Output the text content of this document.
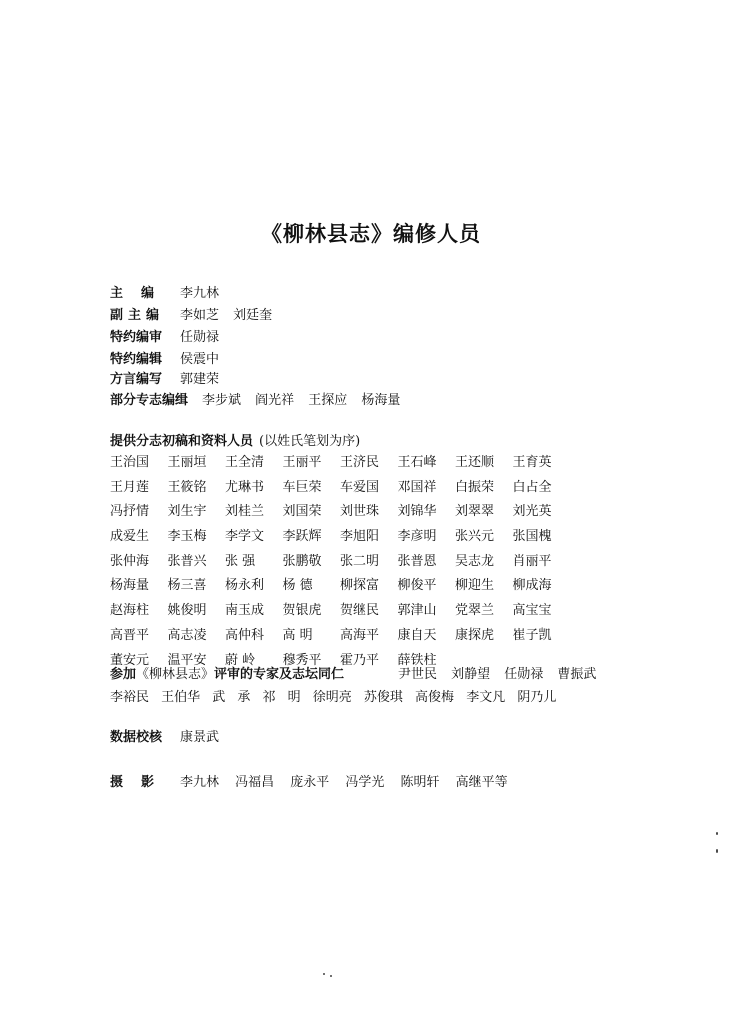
《柳林县志》编修人员
主编 李九林
副主编 李如芝 刘廷奎
特约编审 任勋禄
特约编辑 侯震中
方言编写 郭建荣
部分专志编缉 李步斌 阎光祥 王探应 杨海量
提供分志初稿和资料人员 (以姓氏笔划为序)
王治国	王丽垣	王全清	王丽平	王济民	王石峰	王还顺	王育英
王月莲	王筱铭	尤琳书	车巨荣	车爱国	邓国祥	白振荣	白占全
冯抒情	刘生宇	刘桂兰	刘国荣	刘世珠	刘锦华	刘翠翠	刘光英
成爱生	李玉梅	李学文	李跃辉	李旭阳	李彦明	张兴元	张国槐
张仲海	张普兴	张 强	张鹏敬	张二明	张普恩	吴志龙	肖丽平
杨海量	杨三喜	杨永利	杨 德	柳探富	柳俊平	柳迎生	柳成海
赵海柱	姚俊明	南玉成	贺银虎	贺继民	郭津山	党翠兰	高宝宝
高晋平	高志凌	高仲科	高 明	高海平	康自天	康探虎	崔子凯
董安元	温平安	蔚 岭	穆秀平	霍乃平	薛铁柱
参加《柳林县志》评审的专家及志坛同仁	尹世民 刘静望 任勋禄 曹振武
李裕民 王伯华 武 承 祁 明 徐明亮 苏俊琪 高俊梅 李文凡 阴乃儿
数据校核 康景武
摄影 李九林 冯福昌 庞永平 冯学光 陈明轩 高继平等
